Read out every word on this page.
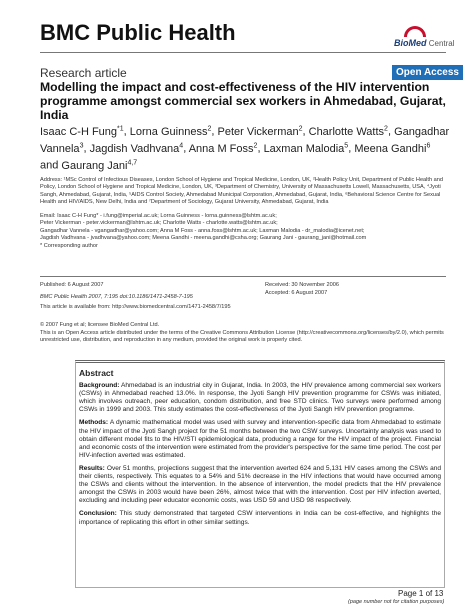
BMC Public Health	BioMed Central
Research article	Open Access
Modelling the impact and cost-effectiveness of the HIV intervention programme amongst commercial sex workers in Ahmedabad, Gujarat, India
Isaac C-H Fung$^{*1}$, Lorna Guinness$^2$, Peter Vickerman$^2$, Charlotte Watts$^2$, Gangadhar Vannela$^3$, Jagdish Vadhvana$^4$, Anna M Foss$^2$, Laxman Malodia$^5$, Meena Gandhi$^6$ and Gaurang Jani$^{4,7}$
Address: ¹MSc Control of Infectious Diseases, London School of Hygiene and Tropical Medicine, London, UK, ²Health Policy Unit, Department of Public Health and Policy, London School of Hygiene and Tropical Medicine, London, UK, ³Department of Chemistry, University of Massachusetts Lowell, Massachusetts, USA, ⁴Jyoti Sangh, Ahmedabad, Gujarat, India, ⁵AIDS Control Society, Ahmedabad Municipal Corporation, Ahmedabad, Gujarat, India, ⁶Behavioral Science Centre for Sexual Health and HIV/AIDS, New Delhi, India and ⁷Department of Sociology, Gujarat University, Ahmedabad, Gujarat, India
Email: Isaac C-H Fung* - i.fung@imperial.ac.uk; Lorna Guinness - lorna.guinness@lshtm.ac.uk;
Peter Vickerman - peter.vickerman@lshtm.ac.uk; Charlotte Watts - charlotte.watts@lshtm.ac.uk;
Gangadhar Vannela - vgangadhar@yahoo.com; Anna M Foss - anna.foss@lshtm.ac.uk; Laxman Malodia - dr_malodia@icenet.net;
Jagdish Vadhvana - jvadhvana@yahoo.com; Meena Gandhi - meena.gandhi@csha.org; Gaurang Jani - gaurang_jani@hotmail.com
* Corresponding author
Published: 6 August 2007	Received: 30 November 2006
Accepted: 6 August 2007
BMC Public Health 2007, 7:195 doi:10.1186/1471-2458-7-195
This article is available from: http://www.biomedcentral.com/1471-2458/7/195
© 2007 Fung et al; licensee BioMed Central Ltd.
This is an Open Access article distributed under the terms of the Creative Commons Attribution License (http://creativecommons.org/licenses/by/2.0), which permits unrestricted use, distribution, and reproduction in any medium, provided the original work is properly cited.
Abstract

Background: Ahmedabad is an industrial city in Gujarat, India. In 2003, the HIV prevalence among commercial sex workers (CSWs) in Ahmedabad reached 13.0%. In response, the Jyoti Sangh HIV prevention programme for CSWs was initiated, which involves outreach, peer education, condom distribution, and free STD clinics. Two surveys were performed among CSWs in 1999 and 2003. This study estimates the cost-effectiveness of the Jyoti Sangh HIV prevention programme.

Methods: A dynamic mathematical model was used with survey and intervention-specific data from Ahmedabad to estimate the HIV impact of the Jyoti Sangh project for the 51 months between the two CSW surveys. Uncertainty analysis was used to obtain different model fits to the HIV/STI epidemiological data, producing a range for the HIV impact of the project. Financial and economic costs of the intervention were estimated from the provider's perspective for the same time period. The cost per HIV-infection averted was estimated.

Results: Over 51 months, projections suggest that the intervention averted 624 and 5,131 HIV cases among the CSWs and their clients, respectively. This equates to a 54% and 51% decrease in the HIV infections that would have occurred among the CSWs and clients without the intervention. In the absence of intervention, the model predicts that the HIV prevalence amongst the CSWs in 2003 would have been 26%, almost twice that with the intervention. Cost per HIV infection averted, excluding and including peer educator economic costs, was USD 59 and USD 98 respectively.

Conclusion: This study demonstrated that targeted CSW interventions in India can be cost-effective, and highlights the importance of replicating this effort in other similar settings.

Page 1 of 13
(page number not for citation purposes)
